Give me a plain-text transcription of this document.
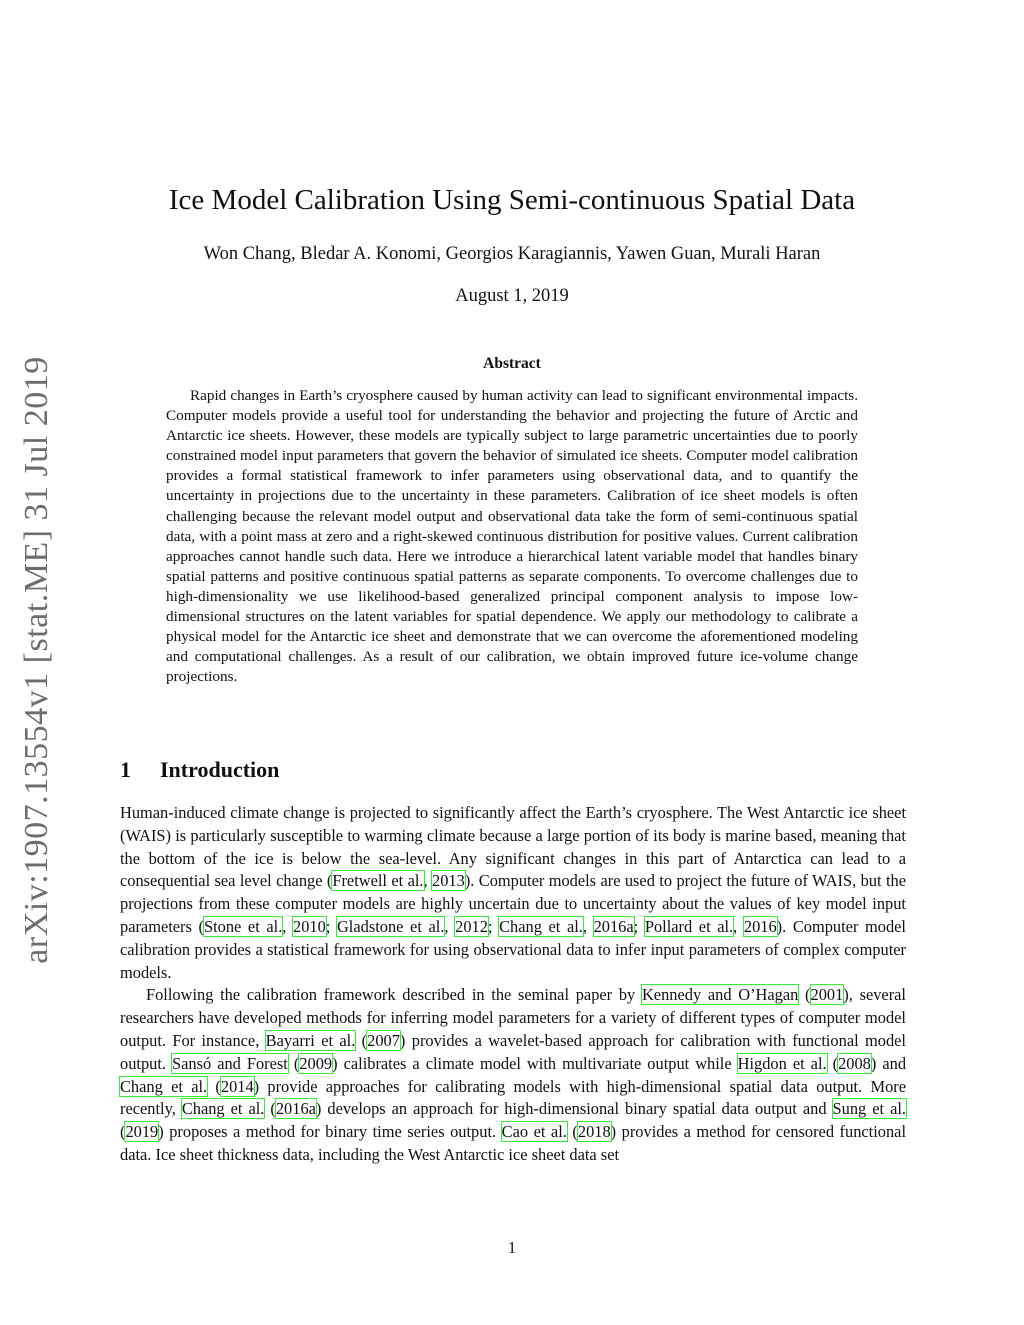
arXiv:1907.13554v1 [stat.ME] 31 Jul 2019
Ice Model Calibration Using Semi-continuous Spatial Data
Won Chang, Bledar A. Konomi, Georgios Karagiannis, Yawen Guan, Murali Haran
August 1, 2019
Abstract
Rapid changes in Earth’s cryosphere caused by human activity can lead to significant environmental impacts. Computer models provide a useful tool for understanding the behavior and projecting the future of Arctic and Antarctic ice sheets. However, these models are typically subject to large parametric uncertainties due to poorly constrained model input parameters that govern the behavior of simulated ice sheets. Computer model calibration provides a formal statistical framework to infer parameters using observational data, and to quantify the uncertainty in projections due to the uncertainty in these parameters. Calibration of ice sheet models is often challenging because the relevant model output and observational data take the form of semi-continuous spatial data, with a point mass at zero and a right-skewed continuous distribution for positive values. Current calibration approaches cannot handle such data. Here we introduce a hierarchical latent variable model that handles binary spatial patterns and positive continuous spatial patterns as separate components. To overcome challenges due to high-dimensionality we use likelihood-based generalized principal component analysis to impose low-dimensional structures on the latent variables for spatial dependence. We apply our methodology to calibrate a physical model for the Antarctic ice sheet and demonstrate that we can overcome the aforementioned modeling and computational challenges. As a result of our calibration, we obtain improved future ice-volume change projections.
1 Introduction

Human-induced climate change is projected to significantly affect the Earth’s cryosphere. The West Antarctic ice sheet (WAIS) is particularly susceptible to warming climate because a large portion of its body is marine based, meaning that the bottom of the ice is below the sea-level. Any significant changes in this part of Antarctica can lead to a consequential sea level change (Fretwell et al., 2013). Computer models are used to project the future of WAIS, but the projections from these computer models are highly uncertain due to uncertainty about the values of key model input parameters (Stone et al., 2010; Gladstone et al., 2012; Chang et al., 2016a; Pollard et al., 2016). Computer model calibration provides a statistical framework for using observational data to infer input parameters of complex computer models.

Following the calibration framework described in the seminal paper by Kennedy and O’Hagan (2001), several researchers have developed methods for inferring model parameters for a variety of different types of computer model output. For instance, Bayarri et al. (2007) provides a wavelet-based approach for calibration with functional model output. Sansó and Forest (2009) calibrates a climate model with multivariate output while Higdon et al. (2008) and Chang et al. (2014) provide approaches for calibrating models with high-dimensional spatial data output. More recently, Chang et al. (2016a) develops an approach for high-dimensional binary spatial data output and Sung et al. (2019) proposes a method for binary time series output. Cao et al. (2018) provides a method for censored functional data. Ice sheet thickness data, including the West Antarctic ice sheet data set

1
